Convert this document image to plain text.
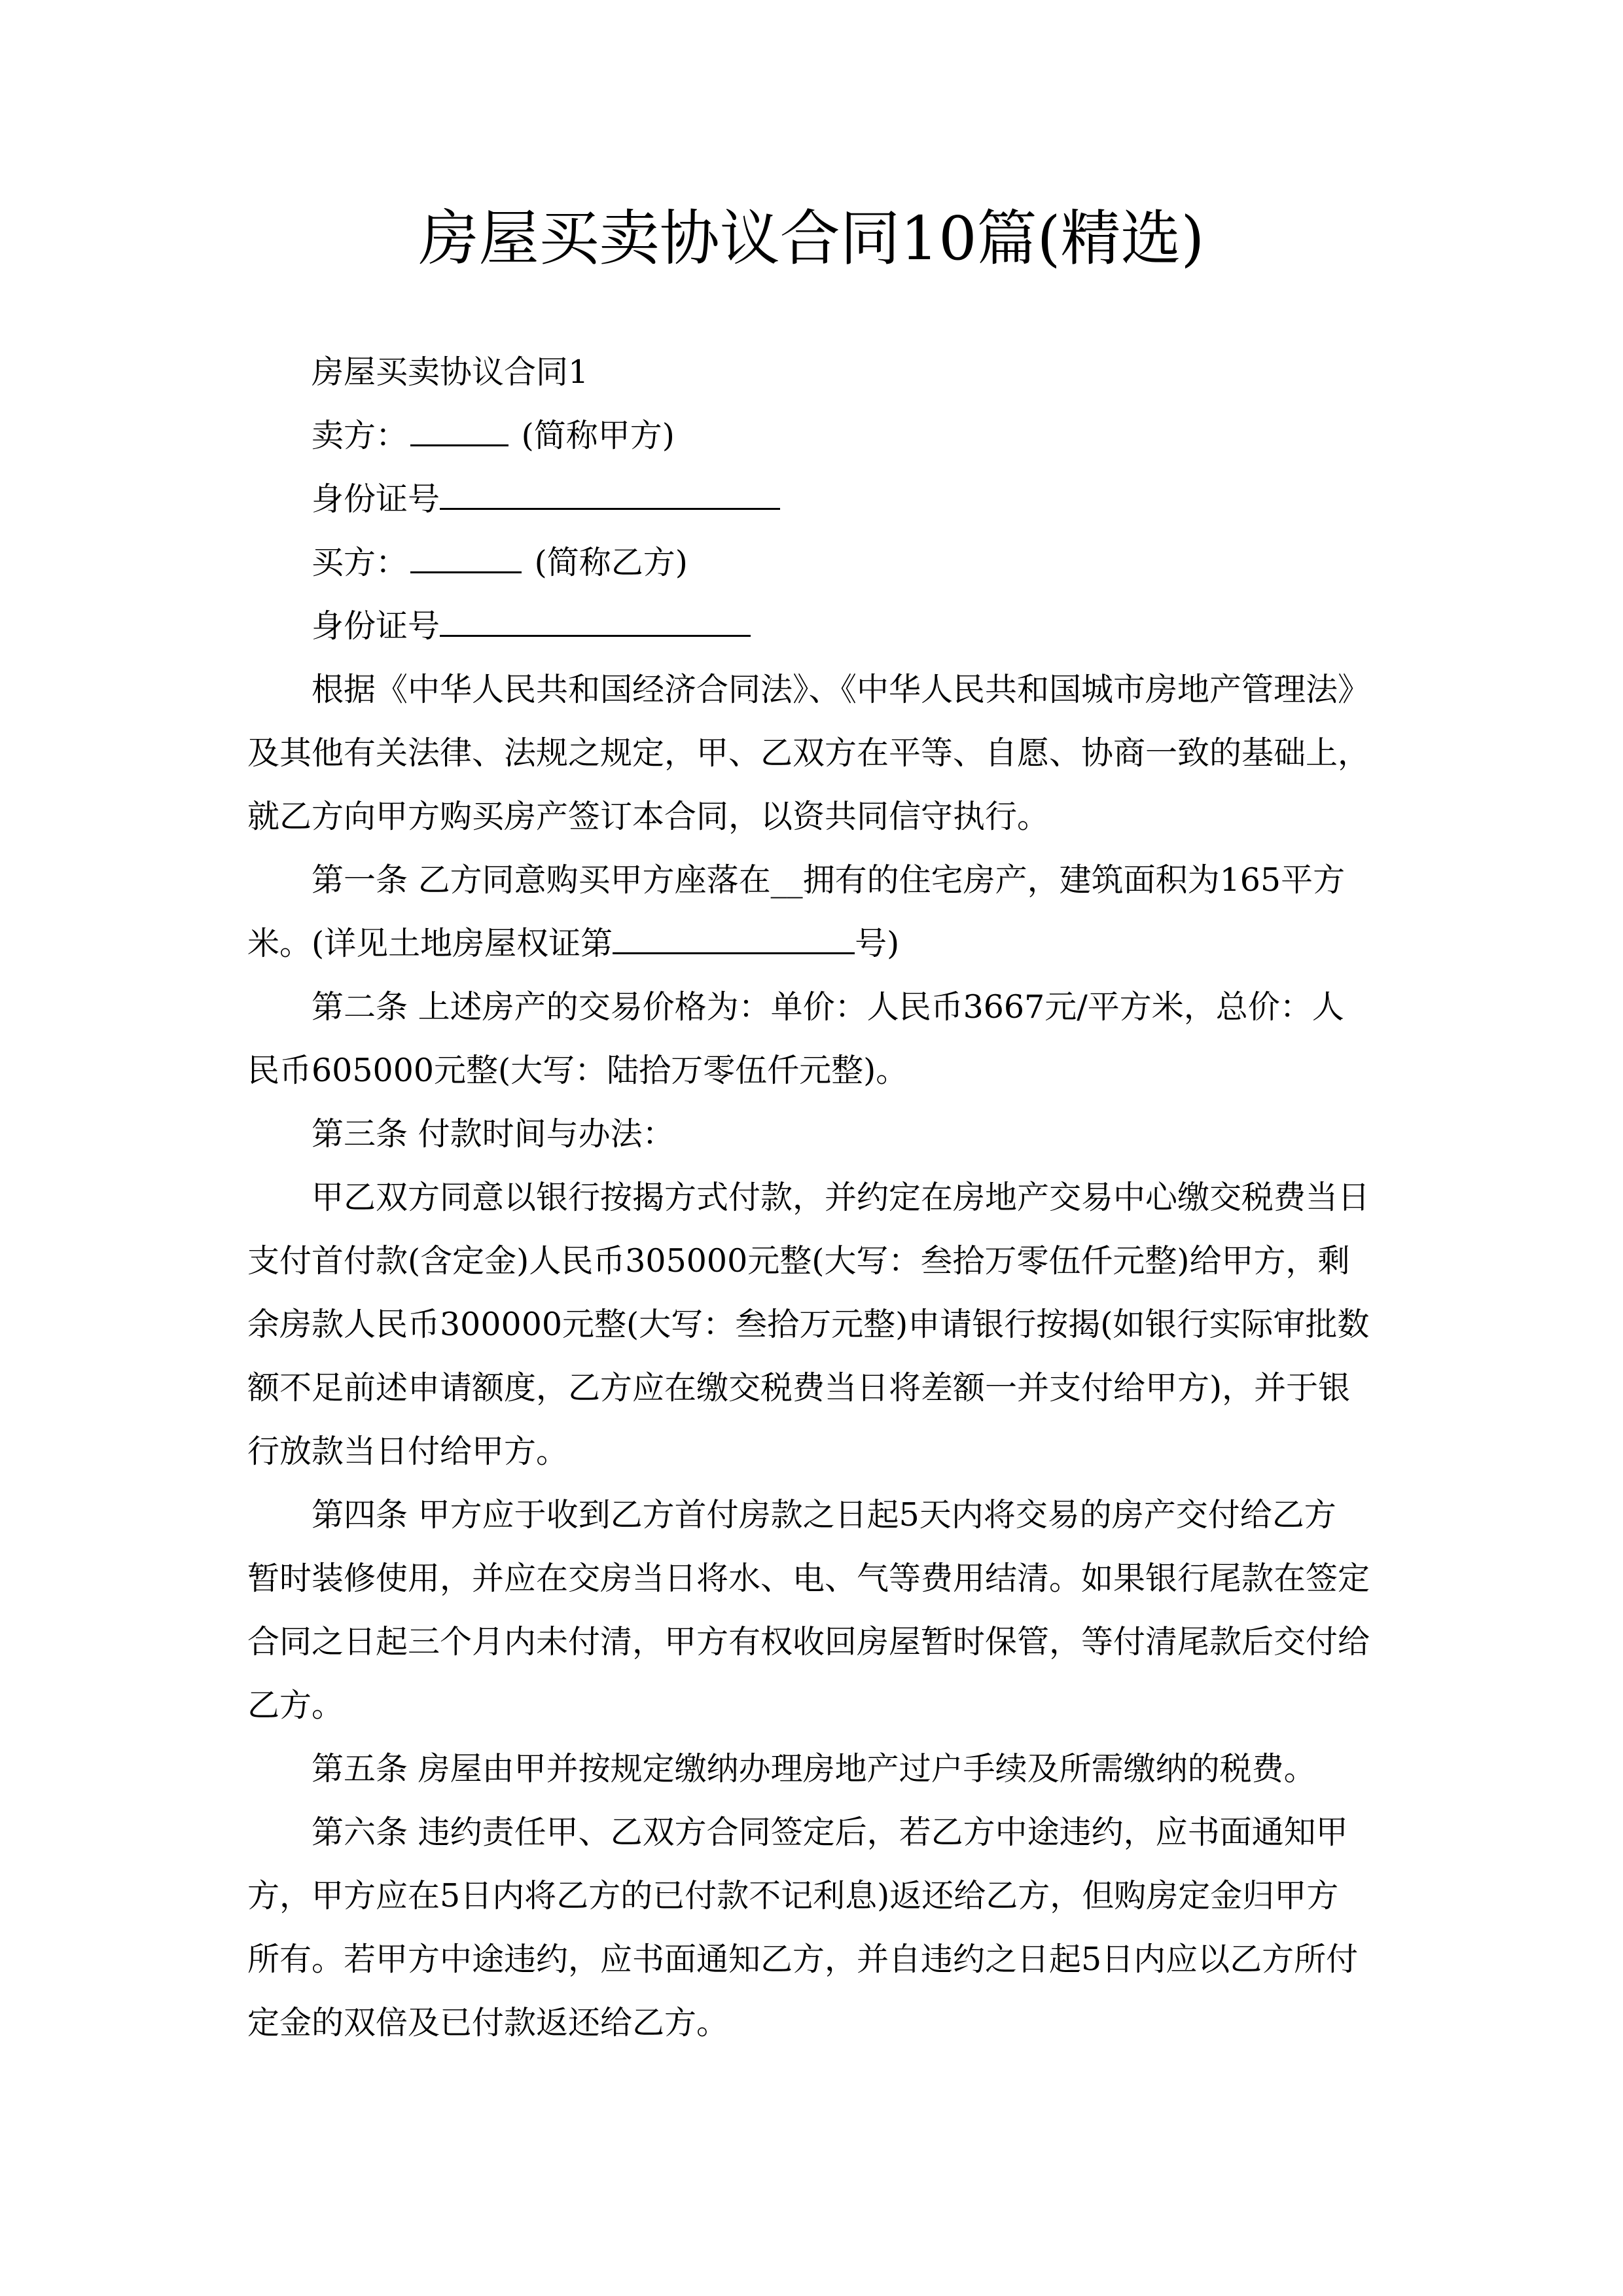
房屋买卖协议合同10篇(精选)
房屋买卖协议合同1
卖方：	(简称甲方)
身份证号
买方：	(简称乙方)
身份证号
根据《中华人民共和国经济合同法》、《中华人民共和国城市房地产管理法》
及其他有关法律、法规之规定，甲、乙双方在平等、自愿、协商一致的基础上，
就乙方向甲方购买房产签订本合同，以资共同信守执行。
第一条 乙方同意购买甲方座落在__拥有的住宅房产，建筑面积为165平方
米。(详见土地房屋权证第	号)
第二条 上述房产的交易价格为：单价：人民币3667元/平方米，总价：人
民币605000元整(大写：陆拾万零伍仟元整)。
第三条 付款时间与办法：
甲乙双方同意以银行按揭方式付款，并约定在房地产交易中心缴交税费当日
支付首付款(含定金)人民币305000元整(大写：叁拾万零伍仟元整)给甲方，剩
余房款人民币300000元整(大写：叁拾万元整)申请银行按揭(如银行实际审批数
额不足前述申请额度，乙方应在缴交税费当日将差额一并支付给甲方)，并于银
行放款当日付给甲方。
第四条 甲方应于收到乙方首付房款之日起5天内将交易的房产交付给乙方
暂时装修使用，并应在交房当日将水、电、气等费用结清。如果银行尾款在签定
合同之日起三个月内未付清，甲方有权收回房屋暂时保管，等付清尾款后交付给
乙方。
第五条 房屋由甲并按规定缴纳办理房地产过户手续及所需缴纳的税费。
第六条 违约责任甲、乙双方合同签定后，若乙方中途违约，应书面通知甲
方，甲方应在5日内将乙方的已付款不记利息)返还给乙方，但购房定金归甲方
所有。若甲方中途违约，应书面通知乙方，并自违约之日起5日内应以乙方所付
定金的双倍及已付款返还给乙方。
